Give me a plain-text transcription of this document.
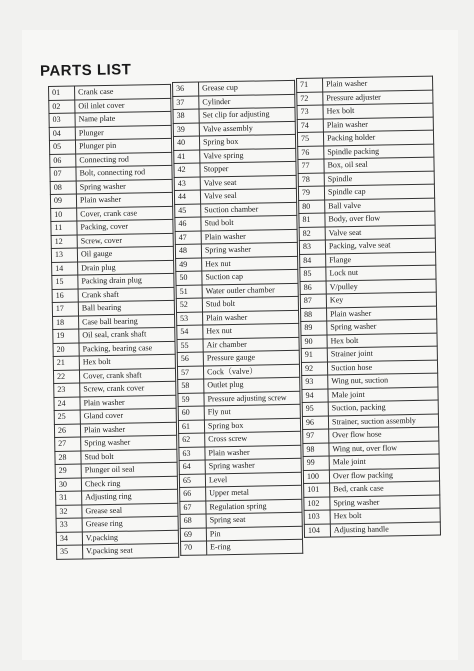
PARTS LIST
01	Crank case
02	Oil inlet cover
03	Name plate
04	Plunger
05	Plunger pin
06	Connecting rod
07	Bolt, connecting rod
08	Spring washer
09	Plain washer
10	Cover, crank case
11	Packing, cover
12	Screw, cover
13	Oil gauge
14	Drain plug
15	Packing drain plug
16	Crank shaft
17	Ball bearing
18	Case ball bearing
19	Oil seal, crank shaft
20	Packing, bearing case
21	Hex bolt
22	Cover, crank shaft
23	Screw, crank cover
24	Plain washer
25	Gland cover
26	Plain washer
27	Spring washer
28	Stud bolt
29	Plunger oil seal
30	Check ring
31	Adjusting ring
32	Grease seal
33	Grease ring
34	V.packing
35	V.packing seat
36	Grease cup
37	Cylinder
38	Set clip for adjusting
39	Valve assembly
40	Spring box
41	Valve spring
42	Stopper
43	Valve seat
44	Valve seal
45	Suction chamber
46	Stud bolt
47	Plain washer
48	Spring washer
49	Hex nut
50	Suction cap
51	Water outler chamber
52	Stud bolt
53	Plain washer
54	Hex nut
55	Air chamber
56	Pressure gauge
57	Cock（valve）
58	Outlet plug
59	Pressure adjusting screw
60	Fly nut
61	Spring box
62	Cross screw
63	Plain washer
64	Spring washer
65	Level
66	Upper metal
67	Regulation spring
68	Spring seat
69	Pin
70	E-ring
71	Plain washer
72	Pressure adjuster
73	Hex bolt
74	Plain washer
75	Packing holder
76	Spindle packing
77	Box, oil seal
78	Spindle
79	Spindle cap
80	Ball valve
81	Body, over flow
82	Valve seat
83	Packing, valve seat
84	Flange
85	Lock nut
86	V/pulley
87	Key
88	Plain washer
89	Spring washer
90	Hex bolt
91	Strainer joint
92	Suction hose
93	Wing nut, suction
94	Male joint
95	Suction, packing
96	Strainer, suction assembly
97	Over flow hose
98	Wing nut, over flow
99	Male joint
100	Over flow packing
101	Bed, crank case
102	Spring washer
103	Hex bolt
104	Adjusting handle
